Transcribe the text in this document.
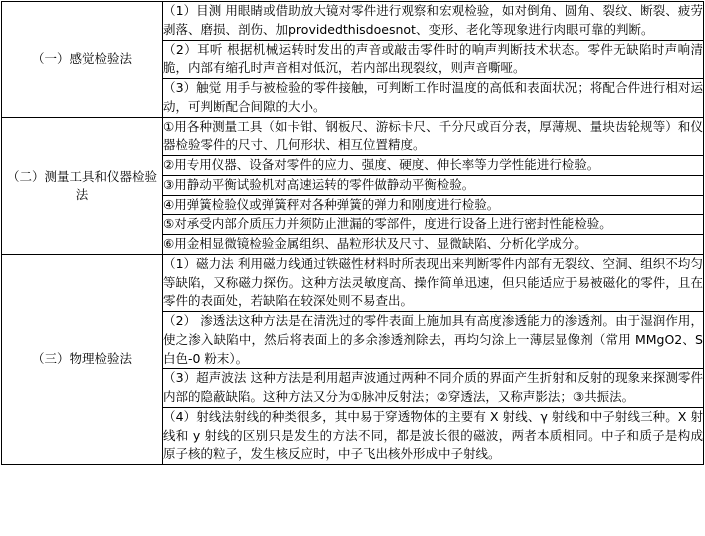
（一）感觉检验法	（1）目测 用眼睛或借助放大镜对零件进行观察和宏观检验，如对倒角、圆角、裂纹、断裂、疲劳剥落、磨损、剖伤、加providedthisdoesnot、变形、老化等现象进行肉眼可靠的判断。
	（2）耳听 根据机械运转时发出的声音或敲击零件时的响声判断技术状态。零件无缺陷时声响清脆，内部有缩孔时声音相对低沉，若内部出现裂纹，则声音嘶哑。
	（3）触觉 用手与被检验的零件接触，可判断工作时温度的高低和表面状况；将配合件进行相对运动，可判断配合间隙的大小。

（二）测量工具和仪器检验法	①用各种测量工具（如卡钳、钢板尺、游标卡尺、千分尺或百分表，厚薄规、量块齿轮规等）和仪器检验零件的尺寸、几何形状、相互位置精度。
	②用专用仪器、设备对零件的应力、强度、硬度、伸长率等力学性能进行检验。
	③用静动平衡试验机对高速运转的零件做静动平衡检验。
	④用弹簧检验仪或弹簧秤对各种弹簧的弹力和刚度进行检验。
	⑤对承受内部介质压力并须防止泄漏的零部件，度进行设备上进行密封性能检验。
	⑥用金相显微镜检验金属组织、晶粒形状及尺寸、显微缺陷、分析化学成分。

（三）物理检验法	（1）磁力法 利用磁力线通过铁磁性材料时所表现出来判断零件内部有无裂纹、空洞、组织不均匀等缺陷，又称磁力探伤。这种方法灵敏度高、操作简单迅速，但只能适应于易被磁化的零件，且在零件的表面处，若缺陷在较深处则不易查出。
	（2） 渗透法这种方法是在清洗过的零件表面上施加具有高度渗透能力的渗透剂。由于湿润作用，使之渗入缺陷中，然后将表面上的多余渗透剂除去，再均匀涂上一薄层显像剂（常用 MMgO2、S 白色-0 粉末）。
	（3）超声波法 这种方法是利用超声波通过两种不同介质的界面产生折射和反射的现象来探测零件内部的隐蔽缺陷。这种方法又分为①脉冲反射法；②穿透法，又称声影法；③共振法。
	（4）射线法射线的种类很多，其中易于穿透物体的主要有 X 射线、γ 射线和中子射线三种。X 射线和 y 射线的区别只是发生的方法不同，都是波长很的磁波，两者本质相同。中子和质子是构成原子核的粒子，发生核反应时，中子飞出核外形成中子射线。
